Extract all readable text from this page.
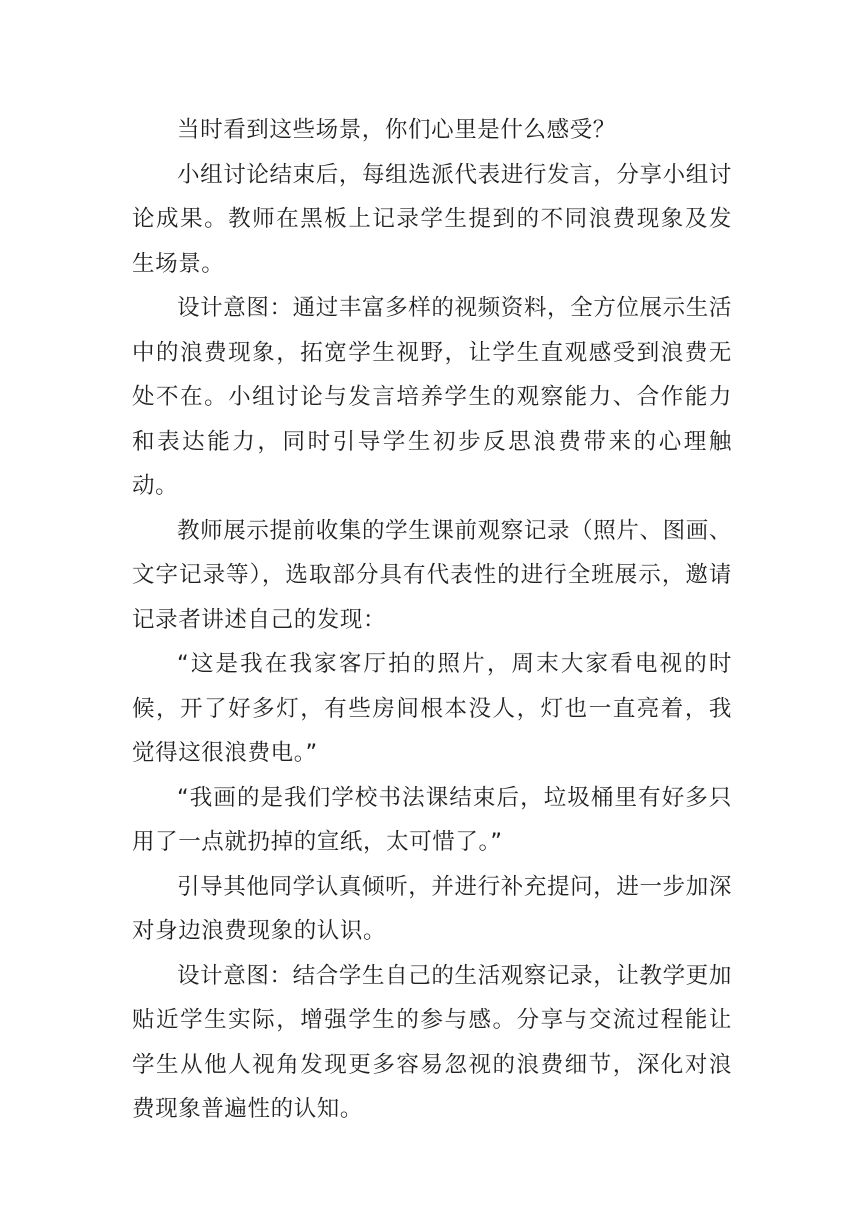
当时看到这些场景，你们心里是什么感受？

小组讨论结束后，每组选派代表进行发言，分享小组讨论成果。教师在黑板上记录学生提到的不同浪费现象及发生场景。

设计意图：通过丰富多样的视频资料，全方位展示生活中的浪费现象，拓宽学生视野，让学生直观感受到浪费无处不在。小组讨论与发言培养学生的观察能力、合作能力和表达能力，同时引导学生初步反思浪费带来的心理触动。

教师展示提前收集的学生课前观察记录（照片、图画、文字记录等），选取部分具有代表性的进行全班展示，邀请记录者讲述自己的发现：

“这是我在我家客厅拍的照片，周末大家看电视的时候，开了好多灯，有些房间根本没人，灯也一直亮着，我觉得这很浪费电。”

“我画的是我们学校书法课结束后，垃圾桶里有好多只用了一点就扔掉的宣纸，太可惜了。”

引导其他同学认真倾听，并进行补充提问，进一步加深对身边浪费现象的认识。

设计意图：结合学生自己的生活观察记录，让教学更加贴近学生实际，增强学生的参与感。分享与交流过程能让学生从他人视角发现更多容易忽视的浪费细节，深化对浪费现象普遍性的认知。
